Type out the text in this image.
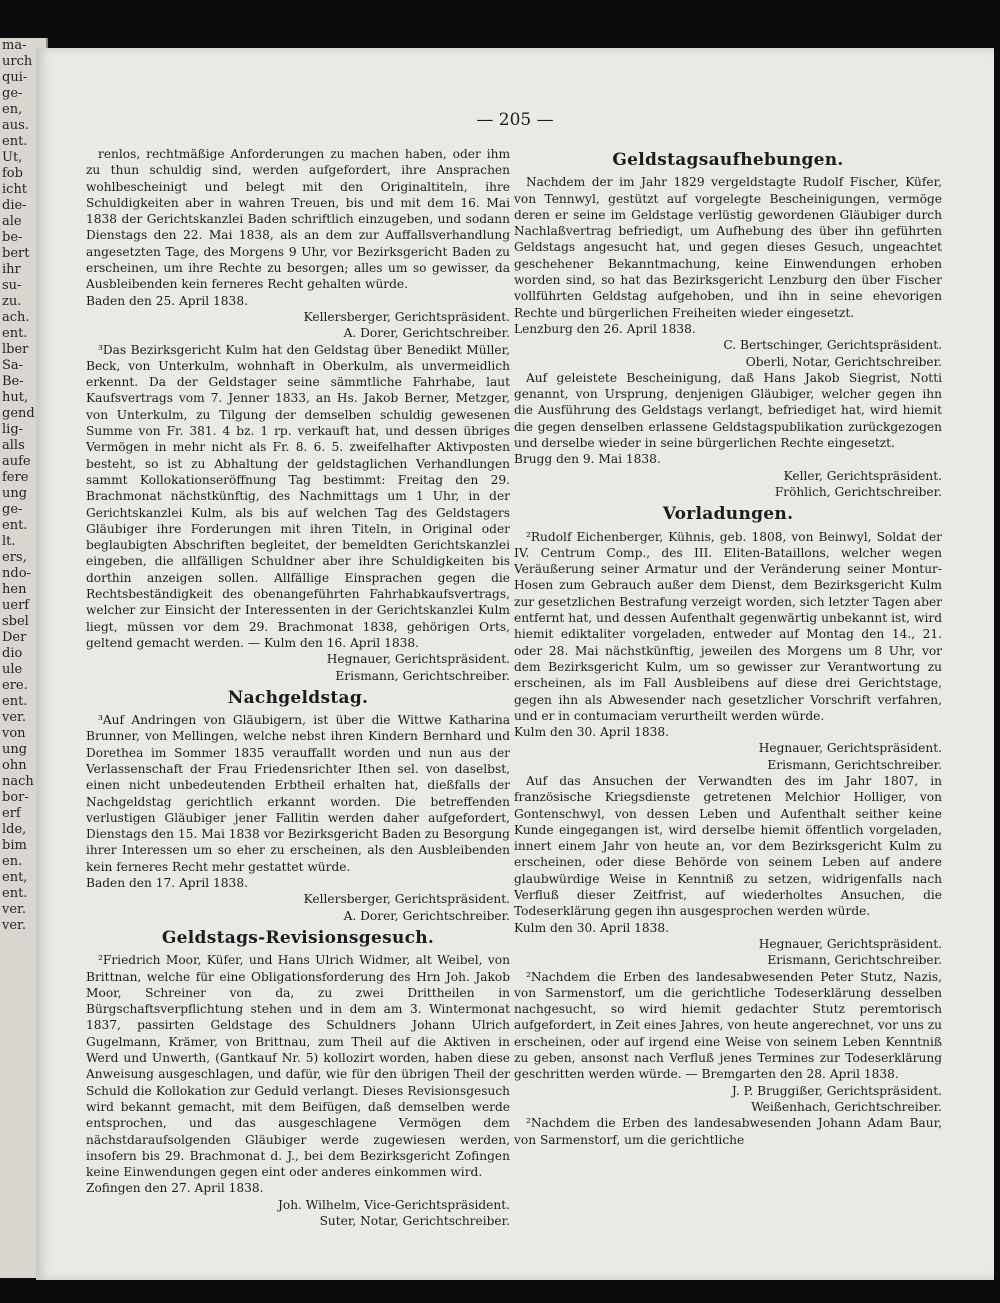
ma-
urch
qui-
ge-
en,
aus.
ent.
Ut,
fob
icht
die-
ale
be-
bert
ihr
su-
zu.
ach.
ent.
lber
Sa-
Be-
hut,
gend
lig-
alls
aufe
fere
ung
ge-
ent.
lt.
ers,
ndo-
hen
uerf
sbel
Der
dio
ule
ere.
ent.
ver.
von
ung
ohn
nach
bor-
erf
lde,
bim
en.
ent,
ent.
ver.
ver.
— 205 —

renlos, rechtmäßige Anforderungen zu machen haben, oder ihm zu thun schuldig sind, werden aufgefordert, ihre Ansprachen wohlbescheinigt und belegt mit den Originaltiteln, ihre Schuldigkeiten aber in wahren Treuen, bis und mit dem 16. Mai 1838 der Gerichtskanzlei Baden schriftlich einzugeben, und sodann Dienstags den 22. Mai 1838, als an dem zur Auffallsverhandlung angesetzten Tage, des Morgens 9 Uhr, vor Bezirksgericht Baden zu erscheinen, um ihre Rechte zu besorgen; alles um so gewisser, da Ausbleibenden kein ferneres Recht gehalten würde.

Baden den 25. April 1838.

Kellersberger, Gerichtspräsident.

A. Dorer, Gerichtschreiber.

³Das Bezirksgericht Kulm hat den Geldstag über Benedikt Müller, Beck, von Unterkulm, wohnhaft in Oberkulm, als unvermeidlich erkennt. Da der Geldstager seine sämmtliche Fahrhabe, laut Kaufsvertrags vom 7. Jenner 1833, an Hs. Jakob Berner, Metzger, von Unterkulm, zu Tilgung der demselben schuldig gewesenen Summe von Fr. 381. 4 bz. 1 rp. verkauft hat, und dessen übriges Vermögen in mehr nicht als Fr. 8. 6. 5. zweifelhafter Aktivposten besteht, so ist zu Abhaltung der geldstaglichen Verhandlungen sammt Kollokationseröffnung Tag bestimmt: Freitag den 29. Brachmonat nächstkünftig, des Nachmittags um 1 Uhr, in der Gerichtskanzlei Kulm, als bis auf welchen Tag des Geldstagers Gläubiger ihre Forderungen mit ihren Titeln, in Original oder beglaubigten Abschriften begleitet, der bemeldten Gerichtskanzlei eingeben, die allfälligen Schuldner aber ihre Schuldigkeiten bis dorthin anzeigen sollen. Allfällige Einsprachen gegen die Rechtsbeständigkeit des obenangeführten Fahrhabkaufsvertrags, welcher zur Einsicht der Interessenten in der Gerichtskanzlei Kulm liegt, müssen vor dem 29. Brachmonat 1838, gehörigen Orts, geltend gemacht werden. — Kulm den 16. April 1838.

Hegnauer, Gerichtspräsident.

Erismann, Gerichtschreiber.

Nachgeldstag.

³Auf Andringen von Gläubigern, ist über die Wittwe Katharina Brunner, von Mellingen, welche nebst ihren Kindern Bernhard und Dorethea im Sommer 1835 verauffallt worden und nun aus der Verlassenschaft der Frau Friedensrichter Ithen sel. von daselbst, einen nicht unbedeutenden Erbtheil erhalten hat, dießfalls der Nachgeldstag gerichtlich erkannt worden. Die betreffenden verlustigen Gläubiger jener Fallitin werden daher aufgefordert, Dienstags den 15. Mai 1838 vor Bezirksgericht Baden zu Besorgung ihrer Interessen um so eher zu erscheinen, als den Ausbleibenden kein ferneres Recht mehr gestattet würde.

Baden den 17. April 1838.

Kellersberger, Gerichtspräsident.

A. Dorer, Gerichtschreiber.

Geldstags-Revisionsgesuch.

²Friedrich Moor, Küfer, und Hans Ulrich Widmer, alt Weibel, von Brittnan, welche für eine Obligationsforderung des Hrn Joh. Jakob Moor, Schreiner von da, zu zwei Drittheilen in Bürgschaftsverpflichtung stehen und in dem am 3. Wintermonat 1837, passirten Geldstage des Schuldners Johann Ulrich Gugelmann, Krämer, von Brittnau, zum Theil auf die Aktiven in Werd und Unwerth, (Gantkauf Nr. 5) kollozirt worden, haben diese Anweisung ausgeschlagen, und dafür, wie für den übrigen Theil der Schuld die Kollokation zur Geduld verlangt. Dieses Revisionsgesuch wird bekannt gemacht, mit dem Beifügen, daß demselben werde entsprochen, und das ausgeschlagene Vermögen dem nächstdaraufsolgenden Gläubiger werde zugewiesen werden, insofern bis 29. Brachmonat d. J., bei dem Bezirksgericht Zofingen keine Einwendungen gegen eint oder anderes einkommen wird.

Zofingen den 27. April 1838.

Joh. Wilhelm, Vice-Gerichtspräsident.

Suter, Notar, Gerichtschreiber.

Geldstagsaufhebungen.

Nachdem der im Jahr 1829 vergeldstagte Rudolf Fischer, Küfer, von Tennwyl, gestützt auf vorgelegte Bescheinigungen, vermöge deren er seine im Geldstage verlüstig gewordenen Gläubiger durch Nachlaßvertrag befriedigt, um Aufhebung des über ihn geführten Geldstags angesucht hat, und gegen dieses Gesuch, ungeachtet geschehener Bekanntmachung, keine Einwendungen erhoben worden sind, so hat das Bezirksgericht Lenzburg den über Fischer vollführten Geldstag aufgehoben, und ihn in seine ehevorigen Rechte und bürgerlichen Freiheiten wieder eingesetzt.

Lenzburg den 26. April 1838.

C. Bertschinger, Gerichtspräsident.

Oberli, Notar, Gerichtschreiber.

Auf geleistete Bescheinigung, daß Hans Jakob Siegrist, Notti genannt, von Ursprung, denjenigen Gläubiger, welcher gegen ihn die Ausführung des Geldstags verlangt, befriediget hat, wird hiemit die gegen denselben erlassene Geldstagspublikation zurückgezogen und derselbe wieder in seine bürgerlichen Rechte eingesetzt.

Brugg den 9. Mai 1838.

Keller, Gerichtspräsident.

Fröhlich, Gerichtschreiber.

Vorladungen.

²Rudolf Eichenberger, Kühnis, geb. 1808, von Beinwyl, Soldat der IV. Centrum Comp., des III. Eliten-Bataillons, welcher wegen Veräußerung seiner Armatur und der Veränderung seiner Montur-Hosen zum Gebrauch außer dem Dienst, dem Bezirksgericht Kulm zur gesetzlichen Bestrafung verzeigt worden, sich letzter Tagen aber entfernt hat, und dessen Aufenthalt gegenwärtig unbekannt ist, wird hiemit ediktaliter vorgeladen, entweder auf Montag den 14., 21. oder 28. Mai nächstkünftig, jeweilen des Morgens um 8 Uhr, vor dem Bezirksgericht Kulm, um so gewisser zur Verantwortung zu erscheinen, als im Fall Ausbleibens auf diese drei Gerichtstage, gegen ihn als Abwesender nach gesetzlicher Vorschrift verfahren, und er in contumaciam verurtheilt werden würde.

Kulm den 30. April 1838.

Hegnauer, Gerichtspräsident.

Erismann, Gerichtschreiber.

Auf das Ansuchen der Verwandten des im Jahr 1807, in französische Kriegsdienste getretenen Melchior Holliger, von Gontenschwyl, von dessen Leben und Aufenthalt seither keine Kunde eingegangen ist, wird derselbe hiemit öffentlich vorgeladen, innert einem Jahr von heute an, vor dem Bezirksgericht Kulm zu erscheinen, oder diese Behörde von seinem Leben auf andere glaubwürdige Weise in Kenntniß zu setzen, widrigenfalls nach Verfluß dieser Zeitfrist, auf wiederholtes Ansuchen, die Todeserklärung gegen ihn ausgesprochen werden würde.

Kulm den 30. April 1838.

Hegnauer, Gerichtspräsident.

Erismann, Gerichtschreiber.

²Nachdem die Erben des landesabwesenden Peter Stutz, Nazis, von Sarmenstorf, um die gerichtliche Todeserklärung desselben nachgesucht, so wird hiemit gedachter Stutz peremtorisch aufgefordert, in Zeit eines Jahres, von heute angerechnet, vor uns zu erscheinen, oder auf irgend eine Weise von seinem Leben Kenntniß zu geben, ansonst nach Verfluß jenes Termines zur Todeserklärung geschritten werden würde. — Bremgarten den 28. April 1838.

J. P. Bruggißer, Gerichtspräsident.

Weißenhach, Gerichtschreiber.

²Nachdem die Erben des landesabwesenden Johann Adam Baur, von Sarmenstorf, um die gerichtliche
